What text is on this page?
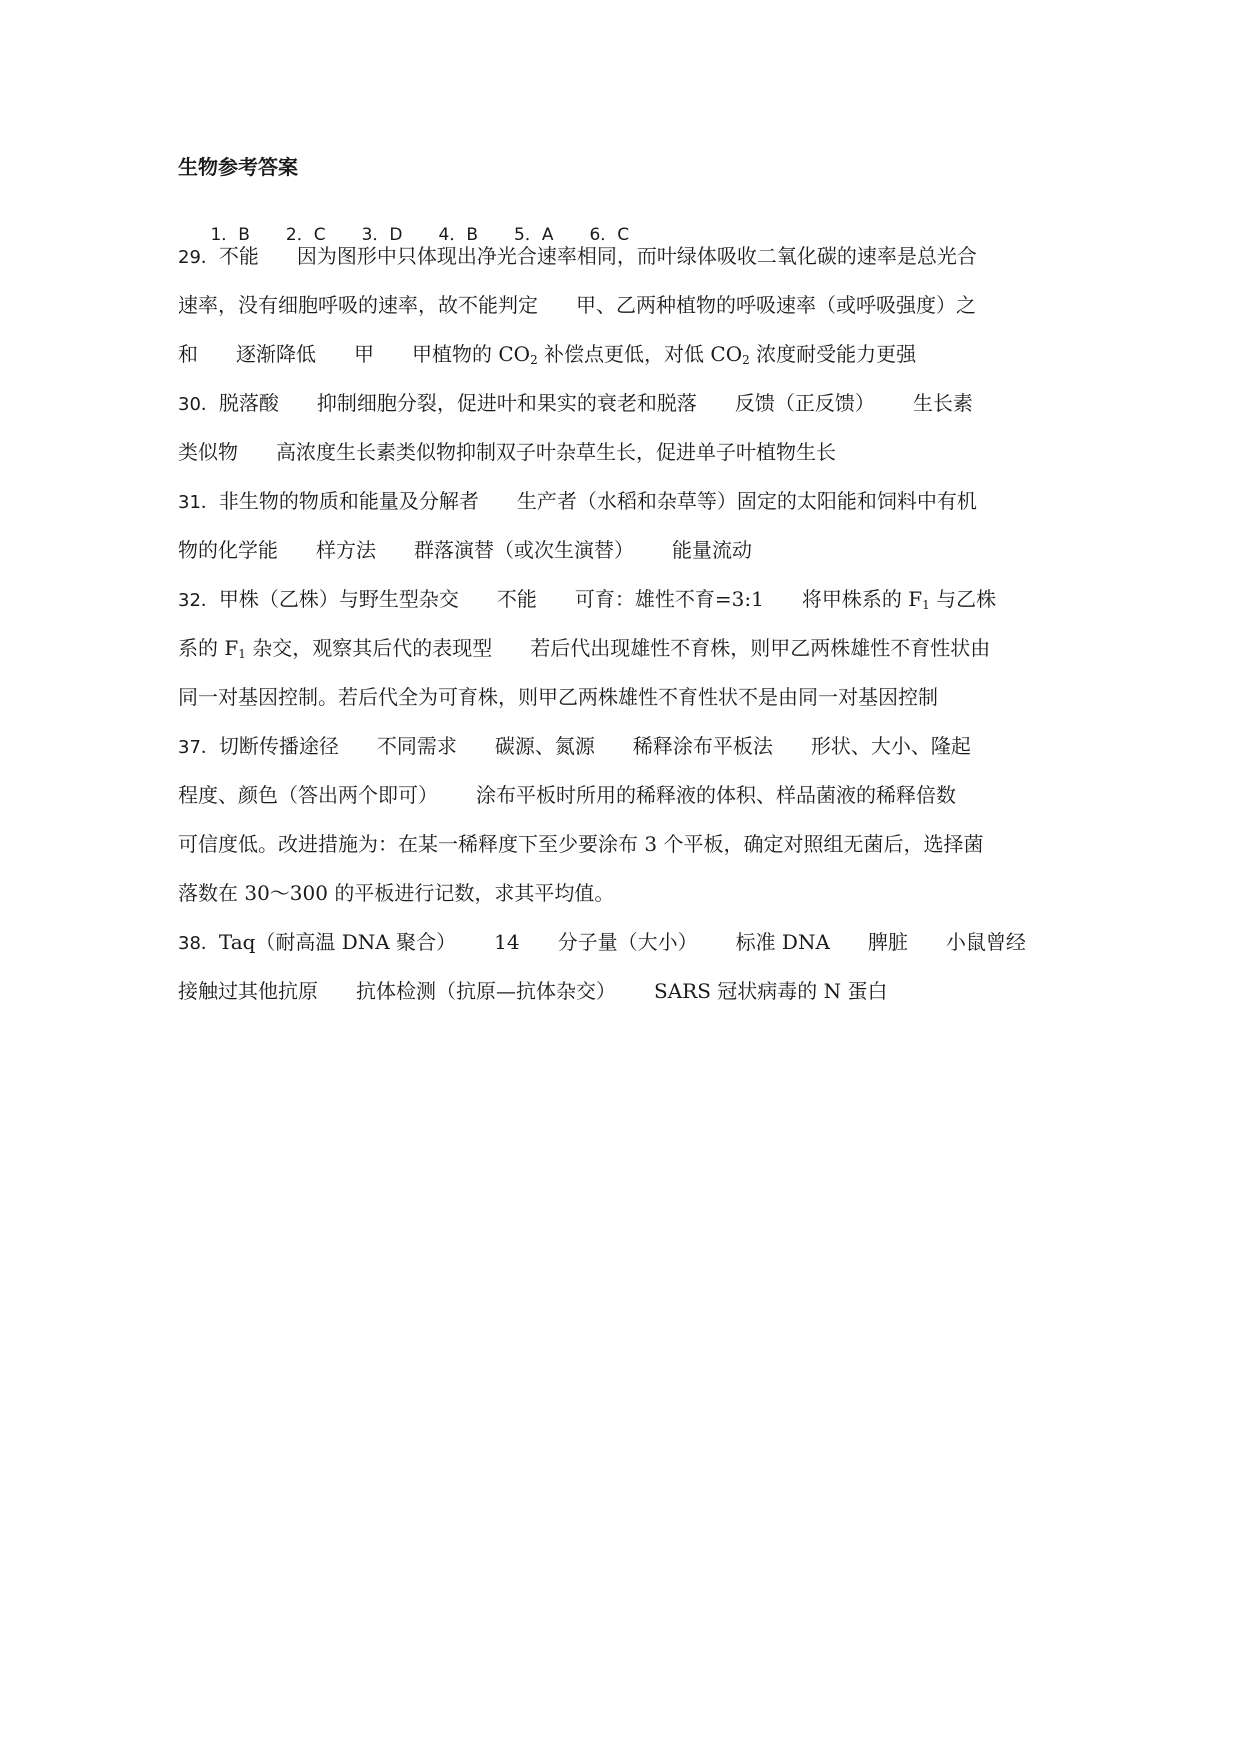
生物参考答案

1．B 2．C 3．D 4．B 5．A 6．C

29．不能 因为图形中只体现出净光合速率相同，而叶绿体吸收二氧化碳的速率是总光合
速率，没有细胞呼吸的速率，故不能判定 甲、乙两种植物的呼吸速率（或呼吸强度）之
和 逐渐降低 甲 甲植物的 $CO_2$ 补偿点更低，对低 $CO_2$ 浓度耐受能力更强
30．脱落酸 抑制细胞分裂，促进叶和果实的衰老和脱落 反馈（正反馈） 生长素
类似物 高浓度生长素类似物抑制双子叶杂草生长，促进单子叶植物生长
31．非生物的物质和能量及分解者 生产者（水稻和杂草等）固定的太阳能和饲料中有机
物的化学能 样方法 群落演替（或次生演替） 能量流动
32．甲株（乙株）与野生型杂交 不能 可育：雄性不育=3:1 将甲株系的 $F_1$ 与乙株
系的 $F_1$ 杂交，观察其后代的表现型 若后代出现雄性不育株，则甲乙两株雄性不育性状由
同一对基因控制。若后代全为可育株，则甲乙两株雄性不育性状不是由同一对基因控制
37．切断传播途径 不同需求 碳源、氮源 稀释涂布平板法 形状、大小、隆起
程度、颜色（答出两个即可） 涂布平板时所用的稀释液的体积、样品菌液的稀释倍数
可信度低。改进措施为：在某一稀释度下至少要涂布 3 个平板，确定对照组无菌后，选择菌
落数在 30～300 的平板进行记数，求其平均值。
38．Taq（耐高温 DNA 聚合） 14 分子量（大小） 标准 DNA 脾脏 小鼠曾经
接触过其他抗原 抗体检测（抗原—抗体杂交） SARS 冠状病毒的 N 蛋白
